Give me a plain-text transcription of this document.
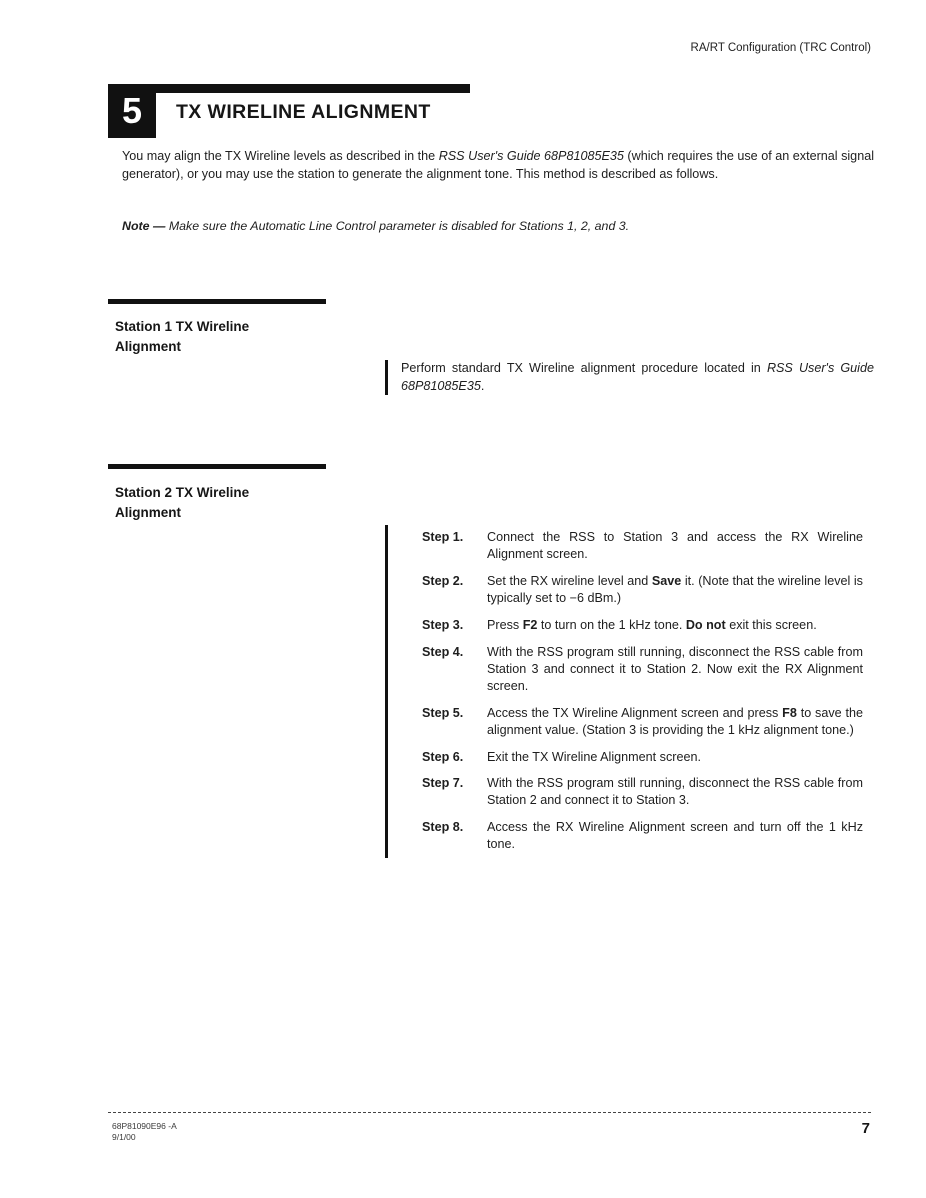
RA/RT Configuration (TRC Control)
5 TX WIRELINE ALIGNMENT
You may align the TX Wireline levels as described in the RSS User's Guide 68P81085E35 (which requires the use of an external signal generator), or you may use the station to generate the alignment tone. This method is described as follows.
Note — Make sure the Automatic Line Control parameter is disabled for Stations 1, 2, and 3.
Station 1 TX Wireline
Alignment
Perform standard TX Wireline alignment procedure located in RSS User's Guide 68P81085E35.
Station 2 TX Wireline
Alignment
Step 1.	Connect the RSS to Station 3 and access the RX Wireline Alignment screen.
Step 2.	Set the RX wireline level and Save it. (Note that the wireline level is typically set to −6 dBm.)
Step 3.	Press F2 to turn on the 1 kHz tone. Do not exit this screen.
Step 4.	With the RSS program still running, disconnect the RSS cable from Station 3 and connect it to Station 2. Now exit the RX Alignment screen.
Step 5.	Access the TX Wireline Alignment screen and press F8 to save the alignment value. (Station 3 is providing the 1 kHz alignment tone.)
Step 6.	Exit the TX Wireline Alignment screen.
Step 7.	With the RSS program still running, disconnect the RSS cable from Station 2 and connect it to Station 3.
Step 8.	Access the RX Wireline Alignment screen and turn off the 1 kHz tone.
68P81090E96 -A
9/1/00	7
